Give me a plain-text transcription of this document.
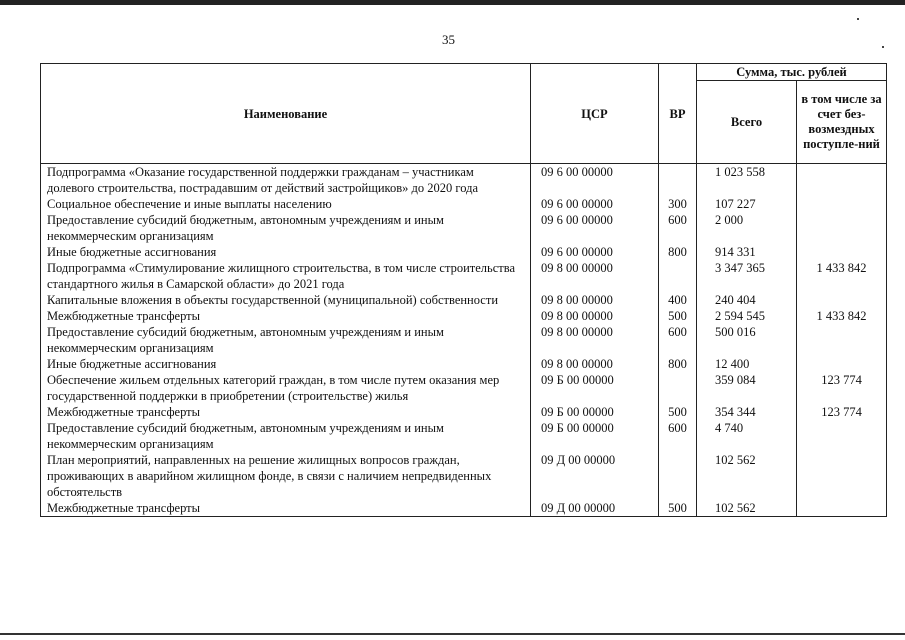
35
Наименование	ЦСР	ВР	Сумма, тыс. рублей	
			Всего	в том числе за счет без-возмездных поступле-ний
Подпрограмма «Оказание государственной поддержки гражданам – участникам долевого строительства, пострадавшим от действий застройщиков» до 2020 года	09 6 00 00000		1 023 558	
Социальное обеспечение и иные выплаты населению	09 6 00 00000	300	107 227	
Предоставление субсидий бюджетным, автономным учреждениям и иным некоммерческим организациям	09 6 00 00000	600	2 000	
Иные бюджетные ассигнования	09 6 00 00000	800	914 331	
Подпрограмма «Стимулирование жилищного строительства, в том числе строительства стандартного жилья в Самарской области» до 2021 года	09 8 00 00000		3 347 365	1 433 842
Капитальные вложения в объекты государственной (муниципальной) собственности	09 8 00 00000	400	240 404	
Межбюджетные трансферты	09 8 00 00000	500	2 594 545	1 433 842
Предоставление субсидий бюджетным, автономным учреждениям и иным некоммерческим организациям	09 8 00 00000	600	500 016	
Иные бюджетные ассигнования	09 8 00 00000	800	12 400	
Обеспечение жильем отдельных категорий граждан, в том числе путем оказания мер государственной поддержки в приобретении (строительстве) жилья	09 Б 00 00000		359 084	123 774
Межбюджетные трансферты	09 Б 00 00000	500	354 344	123 774
Предоставление субсидий бюджетным, автономным учреждениям и иным некоммерческим организациям	09 Б 00 00000	600	4 740	
План мероприятий, направленных на решение жилищных вопросов граждан, проживающих в аварийном жилищном фонде, в связи с наличием непредвиденных обстоятельств	09 Д 00 00000		102 562	
Межбюджетные трансферты	09 Д 00 00000	500	102 562	
